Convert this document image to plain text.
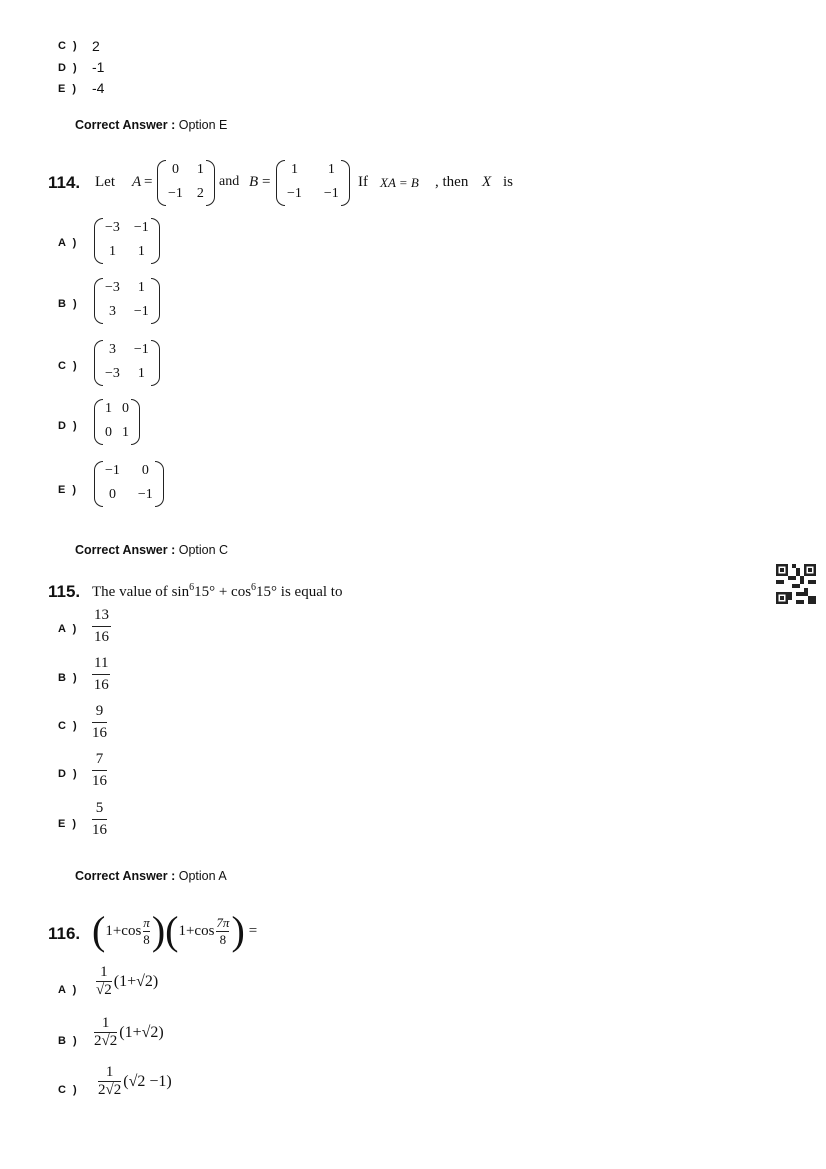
C ) 2
D ) -1
E ) -4
Correct Answer : Option E
114. Let A =
0 1
−1 2
and B =
1 1
−1 −1
If XA = B , then X is
A )
−3 −1
1 1
B )
−3 1
3 −1
C )
3 −1
−3 1
D )
1 0
0 1
E )
−1 0
0 −1
Correct Answer : Option C
115. The value of $\sin^615^\circ + \cos^615^\circ$ is equal to
A )
13
16
B )
11
16
C )
9
16
D )
7
16
E )
5
16
Correct Answer : Option A
116. ( 1+cos
π
8 )( 1+cos
7π
8 ) =
A )
1
√2
(1+√2)
B )
1
2√2
(1+√2)
C )
1
2√2
(√2 −1)
